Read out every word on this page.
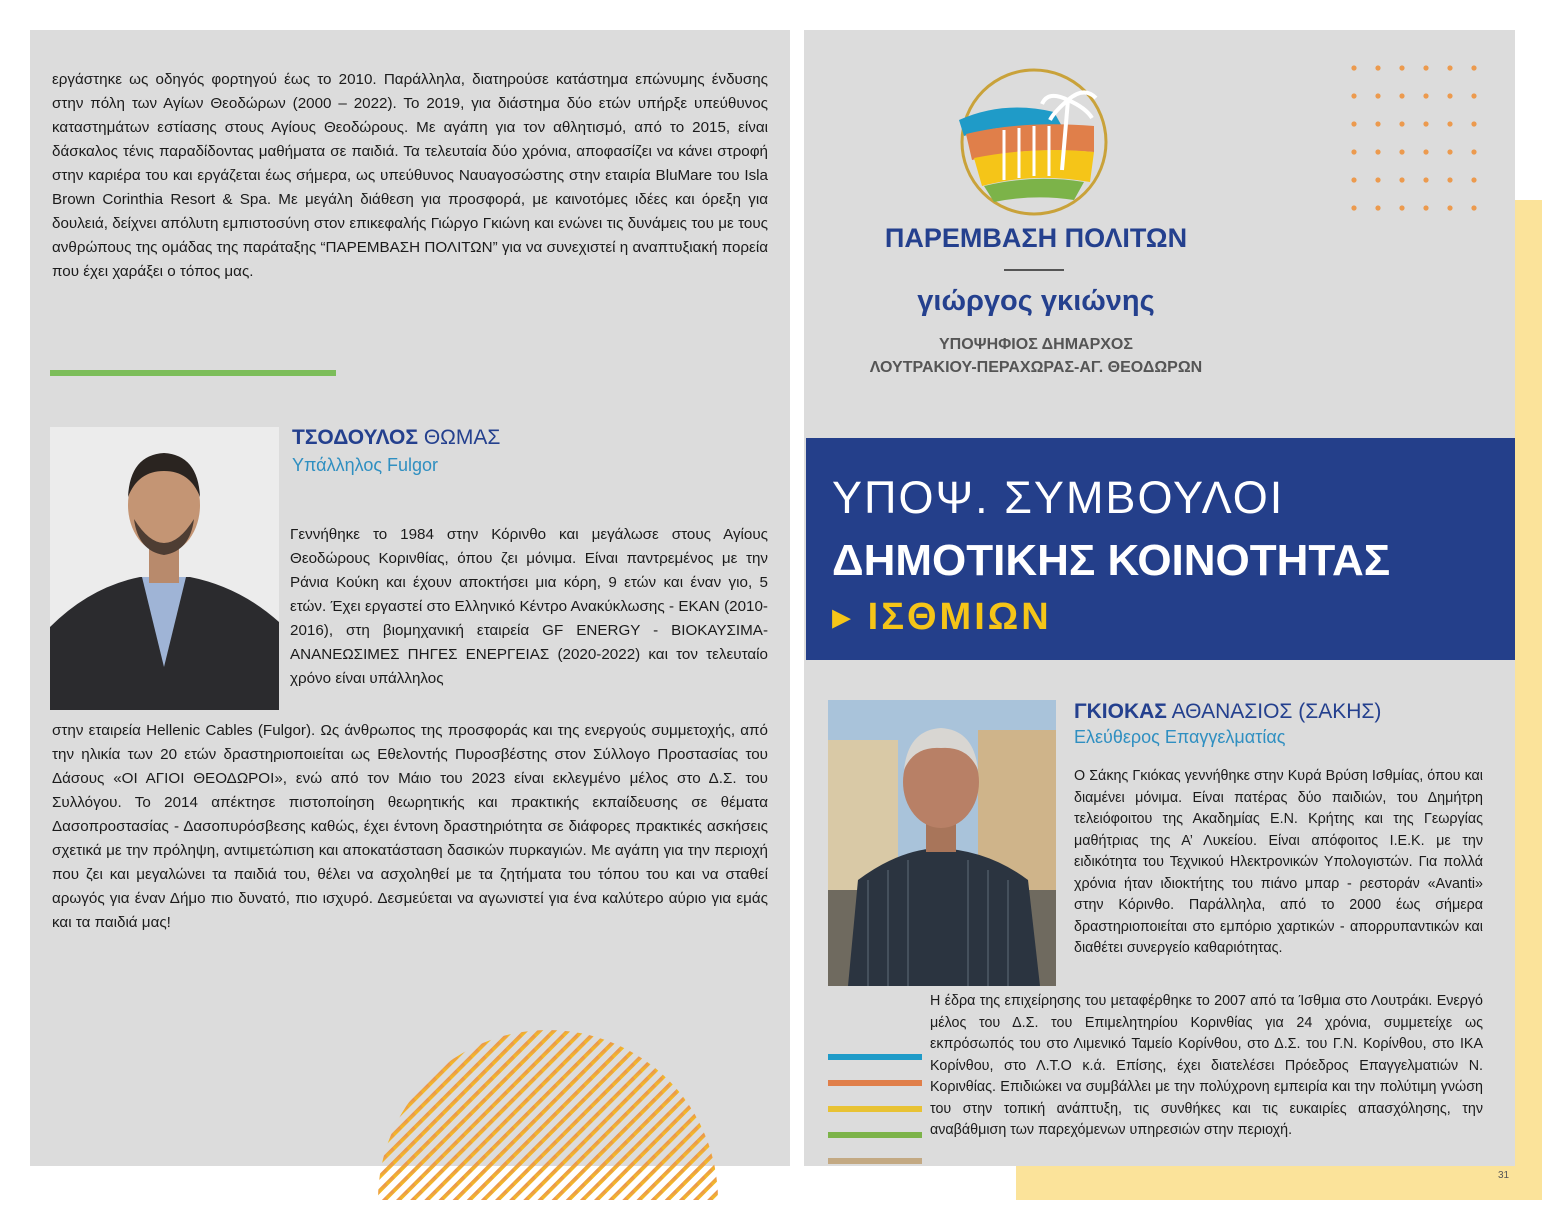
εργάστηκε ως οδηγός φορτηγού έως το 2010. Παράλληλα, διατηρούσε κατάστημα επώνυμης ένδυσης στην πόλη των Αγίων Θεοδώρων (2000 – 2022). Το 2019, για διάστημα δύο ετών υπήρξε υπεύθυνος καταστημάτων εστίασης στους Αγίους Θεοδώρους. Με αγάπη για τον αθλητισμό, από το 2015, είναι δάσκαλος τένις παραδίδοντας μαθήματα σε παιδιά. Τα τελευταία δύο χρόνια, αποφασίζει να κάνει στροφή στην καριέρα του και εργάζεται έως σήμερα, ως υπεύθυνος Ναυαγοσώστης στην εταιρία BluMare του Isla Brown Corinthia Resort & Spa. Με μεγάλη διάθεση για προσφορά, με καινοτόμες ιδέες και όρεξη για δουλειά, δείχνει απόλυτη εμπιστοσύνη στον επικεφαλής Γιώργο Γκιώνη και ενώνει τις δυνάμεις του με τους ανθρώπους της ομάδας της παράταξης “ΠΑΡΕΜΒΑΣΗ ΠΟΛΙΤΩΝ” για να συνεχιστεί η αναπτυξιακή πορεία που έχει χαράξει ο τόπος μας.

ΤΣΟΔΟΥΛΟΣ ΘΩΜΑΣ
Υπάλληλος Fulgor

Γεννήθηκε το 1984 στην Κόρινθο και μεγάλωσε στους Αγίους Θεοδώρους Κορινθίας, όπου ζει μόνιμα. Είναι παντρεμένος με την Ράνια Κούκη και έχουν αποκτήσει μια κόρη, 9 ετών και έναν γιο, 5 ετών. Έχει εργαστεί στο Ελληνικό Κέντρο Ανακύκλωσης - ΕΚΑΝ (2010-2016), στη βιομηχανική εταιρεία GF ENERGY - ΒΙΟΚΑΥΣΙΜΑ-ΑΝΑΝΕΩΣΙΜΕΣ ΠΗΓΕΣ ΕΝΕΡΓΕΙΑΣ (2020-2022) και τον τελευταίο χρόνο είναι υπάλληλος

στην εταιρεία Hellenic Cables (Fulgor). Ως άνθρωπος της προσφοράς και της ενεργούς συμμετοχής, από την ηλικία των 20 ετών δραστηριοποιείται ως Εθελοντής Πυροσβέστης στον Σύλλογο Προστασίας του Δάσους «ΟΙ ΑΓΙΟΙ ΘΕΟΔΩΡΟΙ», ενώ από τον Μάιο του 2023 είναι εκλεγμένο μέλος στο Δ.Σ. του Συλλόγου. Το 2014 απέκτησε πιστοποίηση θεωρητικής και πρακτικής εκπαίδευσης σε θέματα Δασοπροστασίας - Δασοπυρόσβεσης καθώς, έχει έντονη δραστηριότητα σε διάφορες πρακτικές ασκήσεις σχετικά με την πρόληψη, αντιμετώπιση και αποκατάσταση δασικών πυρκαγιών. Με αγάπη για την περιοχή που ζει και μεγαλώνει τα παιδιά του, θέλει να ασχοληθεί με τα ζητήματα του τόπου του και να σταθεί αρωγός για έναν Δήμο πιο δυνατό, πιο ισχυρό. Δεσμεύεται να αγωνιστεί για ένα καλύτερο αύριο για εμάς και τα παιδιά μας!

ΠΑΡΕΜΒΑΣΗ ΠΟΛΙΤΩΝ
γιώργος γκιώνης
ΥΠΟΨΗΦΙΟΣ ΔΗΜΑΡΧΟΣ
ΛΟΥΤΡΑΚΙΟΥ-ΠΕΡΑΧΩΡΑΣ-ΑΓ. ΘΕΟΔΩΡΩΝ
ΥΠΟΨ. ΣΥΜΒΟΥΛΟΙ
ΔΗΜΟΤΙΚΗΣ ΚΟΙΝΟΤΗΤΑΣ
▸ ΙΣΘΜΙΩΝ
ΓΚΙΟΚΑΣ ΑΘΑΝΑΣΙΟΣ (ΣΑΚΗΣ)
Ελεύθερος Επαγγελματίας

Ο Σάκης Γκιόκας γεννήθηκε στην Κυρά Βρύση Ισθμίας, όπου και διαμένει μόνιμα. Είναι πατέρας δύο παιδιών, του Δημήτρη τελειόφοιτου της Ακαδημίας Ε.Ν. Κρήτης και της Γεωργίας μαθήτριας της Α’ Λυκείου. Είναι απόφοιτος Ι.Ε.Κ. με την ειδικότητα του Τεχνικού Ηλεκτρονικών Υπολογιστών. Για πολλά χρόνια ήταν ιδιοκτήτης του πιάνο μπαρ - ρεστοράν «Avanti» στην Κόρινθο. Παράλληλα, από το 2000 έως σήμερα δραστηριοποιείται στο εμπόριο χαρτικών - απορρυπαντικών και διαθέτει συνεργείο καθαριότητας.

Η έδρα της επιχείρησης του μεταφέρθηκε το 2007 από τα Ίσθμια στο Λουτράκι. Ενεργό μέλος του Δ.Σ. του Επιμελητηρίου Κορινθίας για 24 χρόνια, συμμετείχε ως εκπρόσωπός του στο Λιμενικό Ταμείο Κορίνθου, στο Δ.Σ. του Γ.Ν. Κορίνθου, στο ΙΚΑ Κορίνθου, στο Λ.Τ.Ο κ.ά. Επίσης, έχει διατελέσει Πρόεδρος Επαγγελματιών Ν. Κορινθίας. Επιδιώκει να συμβάλλει με την πολύχρονη εμπειρία και την πολύτιμη γνώση του στην τοπική ανάπτυξη, τις συνθήκες και τις ευκαιρίες απασχόλησης, την αναβάθμιση των παρεχόμενων υπηρεσιών στην περιοχή.

31
